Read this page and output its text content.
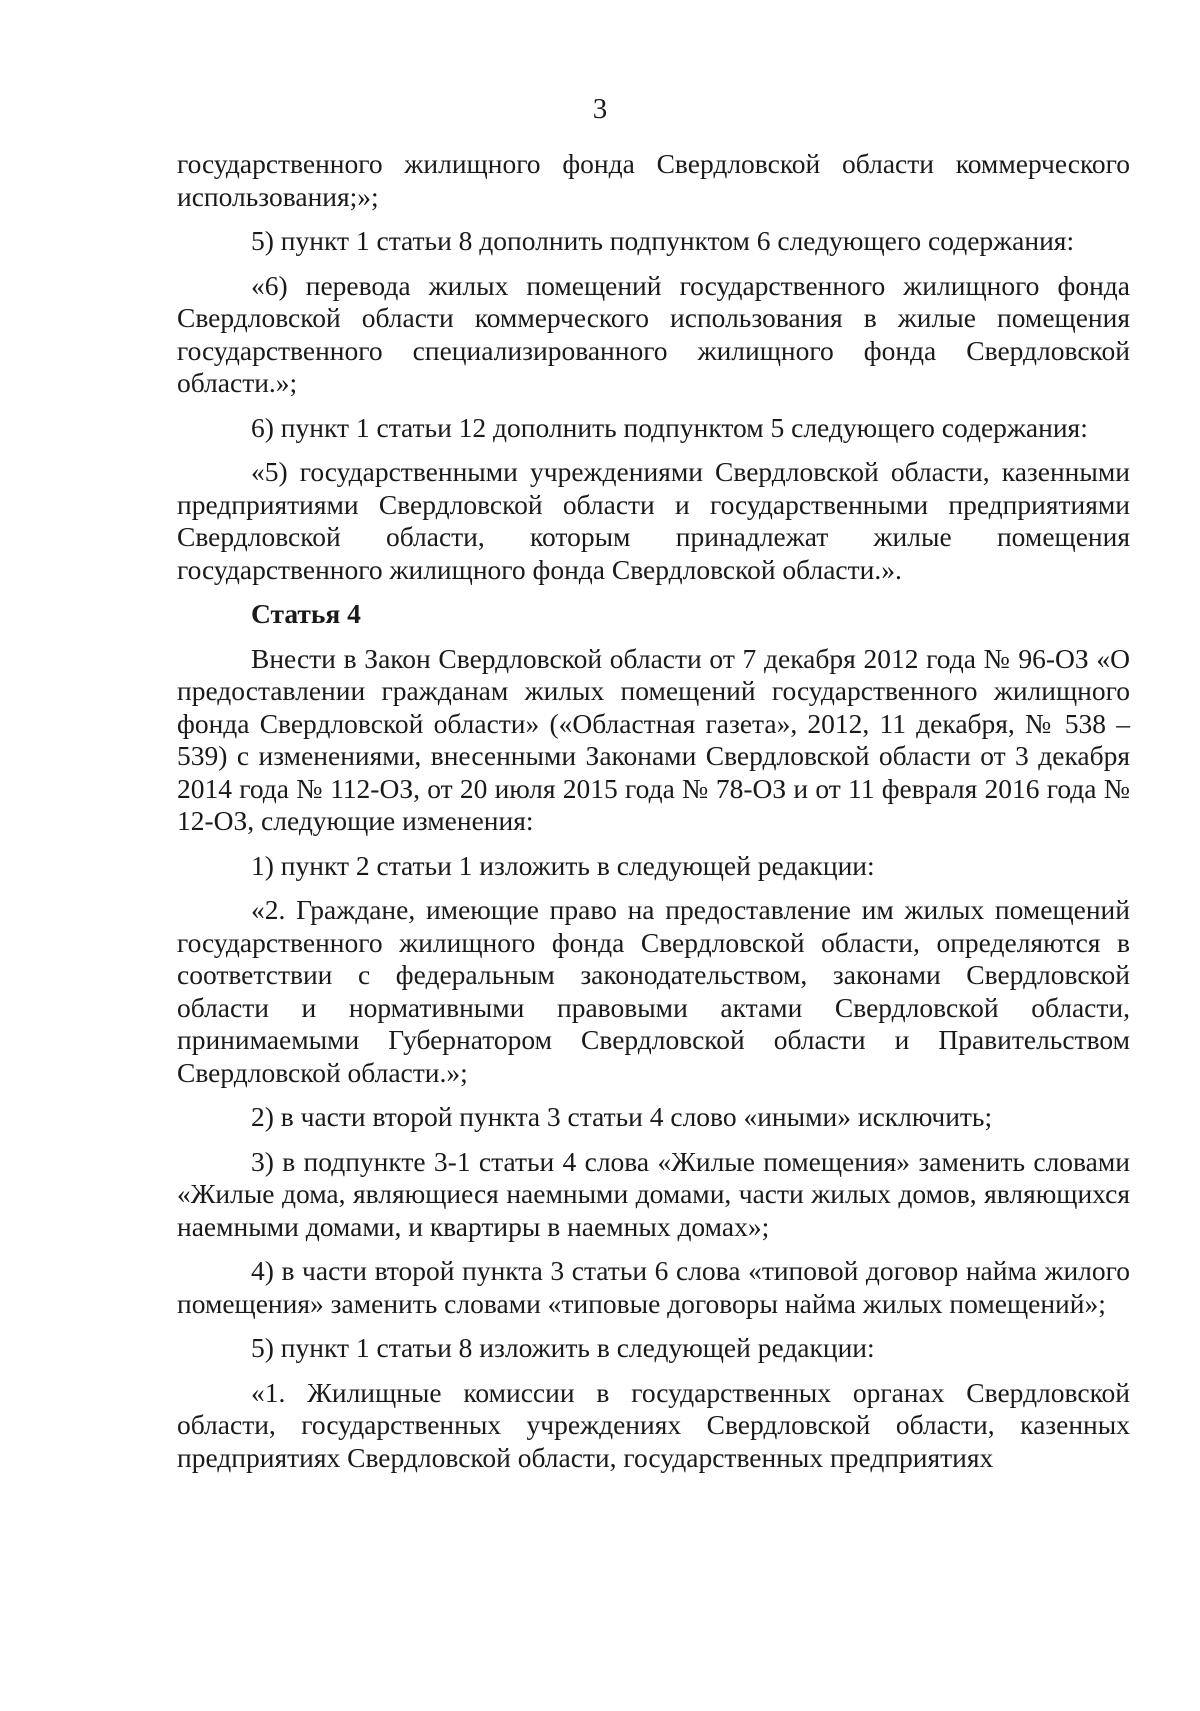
3

государственного жилищного фонда Свердловской области коммерческого использования;»;

5) пункт 1 статьи 8 дополнить подпунктом 6 следующего содержания:

«6) перевода жилых помещений государственного жилищного фонда Свердловской области коммерческого использования в жилые помещения государственного специализированного жилищного фонда Свердловской области.»;

6) пункт 1 статьи 12 дополнить подпунктом 5 следующего содержания:

«5) государственными учреждениями Свердловской области, казенными предприятиями Свердловской области и государственными предприятиями Свердловской области, которым принадлежат жилые помещения государственного жилищного фонда Свердловской области.».

Статья 4

Внести в Закон Свердловской области от 7 декабря 2012 года № 96-ОЗ «О предоставлении гражданам жилых помещений государственного жилищного фонда Свердловской области» («Областная газета», 2012, 11 декабря, № 538 – 539) с изменениями, внесенными Законами Свердловской области от 3 декабря 2014 года № 112-ОЗ, от 20 июля 2015 года № 78-ОЗ и от 11 февраля 2016 года № 12-ОЗ, следующие изменения:

1) пункт 2 статьи 1 изложить в следующей редакции:

«2. Граждане, имеющие право на предоставление им жилых помещений государственного жилищного фонда Свердловской области, определяются в соответствии с федеральным законодательством, законами Свердловской области и нормативными правовыми актами Свердловской области, принимаемыми Губернатором Свердловской области и Правительством Свердловской области.»;

2) в части второй пункта 3 статьи 4 слово «иными» исключить;

3) в подпункте 3-1 статьи 4 слова «Жилые помещения» заменить словами «Жилые дома, являющиеся наемными домами, части жилых домов, являющихся наемными домами, и квартиры в наемных домах»;

4) в части второй пункта 3 статьи 6 слова «типовой договор найма жилого помещения» заменить словами «типовые договоры найма жилых помещений»;

5) пункт 1 статьи 8 изложить в следующей редакции:

«1. Жилищные комиссии в государственных органах Свердловской области, государственных учреждениях Свердловской области, казенных предприятиях Свердловской области, государственных предприятиях
